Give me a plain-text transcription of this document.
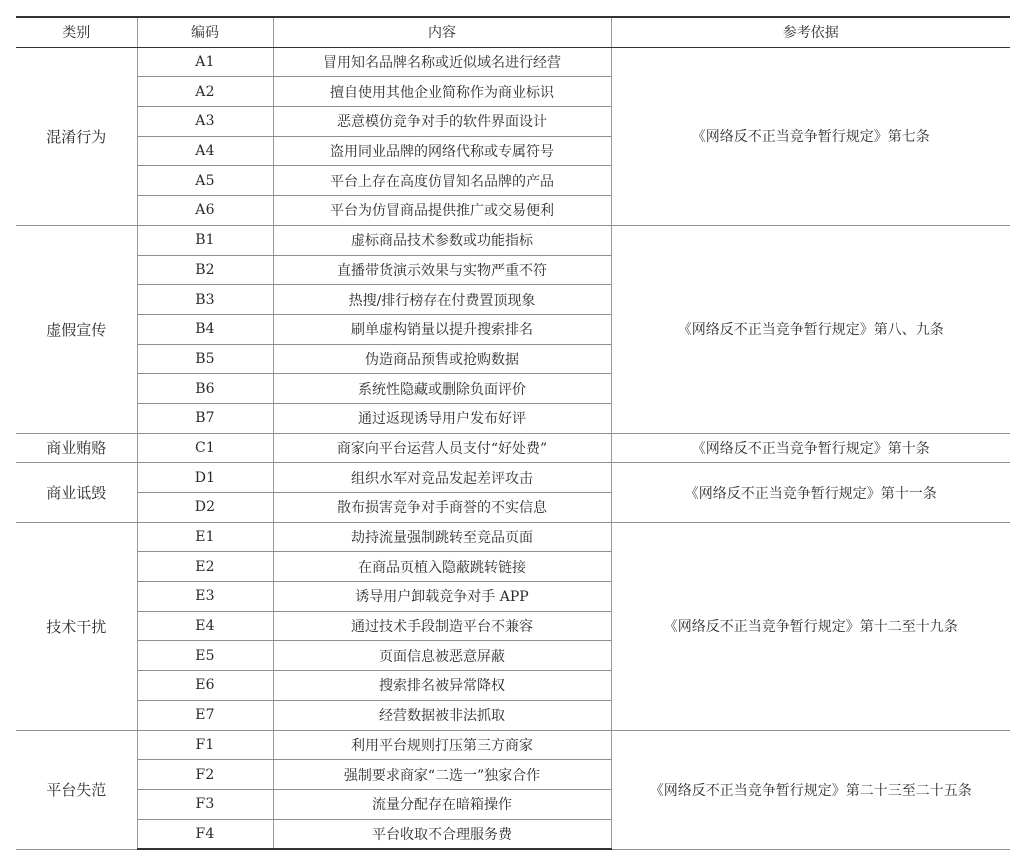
类别	编码	内容	参考依据
混淆行为	A1	冒用知名品牌名称或近似域名进行经营	《网络反不正当竞争暂行规定》第七条
	A2	擅自使用其他企业简称作为商业标识	
	A3	恶意模仿竞争对手的软件界面设计	
	A4	盗用同业品牌的网络代称或专属符号	
	A5	平台上存在高度仿冒知名品牌的产品	
	A6	平台为仿冒商品提供推广或交易便利	
虚假宣传	B1	虚标商品技术参数或功能指标	《网络反不正当竞争暂行规定》第八、九条
	B2	直播带货演示效果与实物严重不符	
	B3	热搜/排行榜存在付费置顶现象	
	B4	刷单虚构销量以提升搜索排名	
	B5	伪造商品预售或抢购数据	
	B6	系统性隐藏或删除负面评价	
	B7	通过返现诱导用户发布好评	
商业贿赂	C1	商家向平台运营人员支付“好处费”	《网络反不正当竞争暂行规定》第十条
商业诋毁	D1	组织水军对竞品发起差评攻击	《网络反不正当竞争暂行规定》第十一条
	D2	散布损害竞争对手商誉的不实信息	
技术干扰	E1	劫持流量强制跳转至竞品页面	《网络反不正当竞争暂行规定》第十二至十九条
	E2	在商品页植入隐蔽跳转链接	
	E3	诱导用户卸载竞争对手 APP	
	E4	通过技术手段制造平台不兼容	
	E5	页面信息被恶意屏蔽	
	E6	搜索排名被异常降权	
	E7	经营数据被非法抓取	
平台失范	F1	利用平台规则打压第三方商家	《网络反不正当竞争暂行规定》第二十三至二十五条
	F2	强制要求商家“二选一”独家合作	
	F3	流量分配存在暗箱操作	
	F4	平台收取不合理服务费	
